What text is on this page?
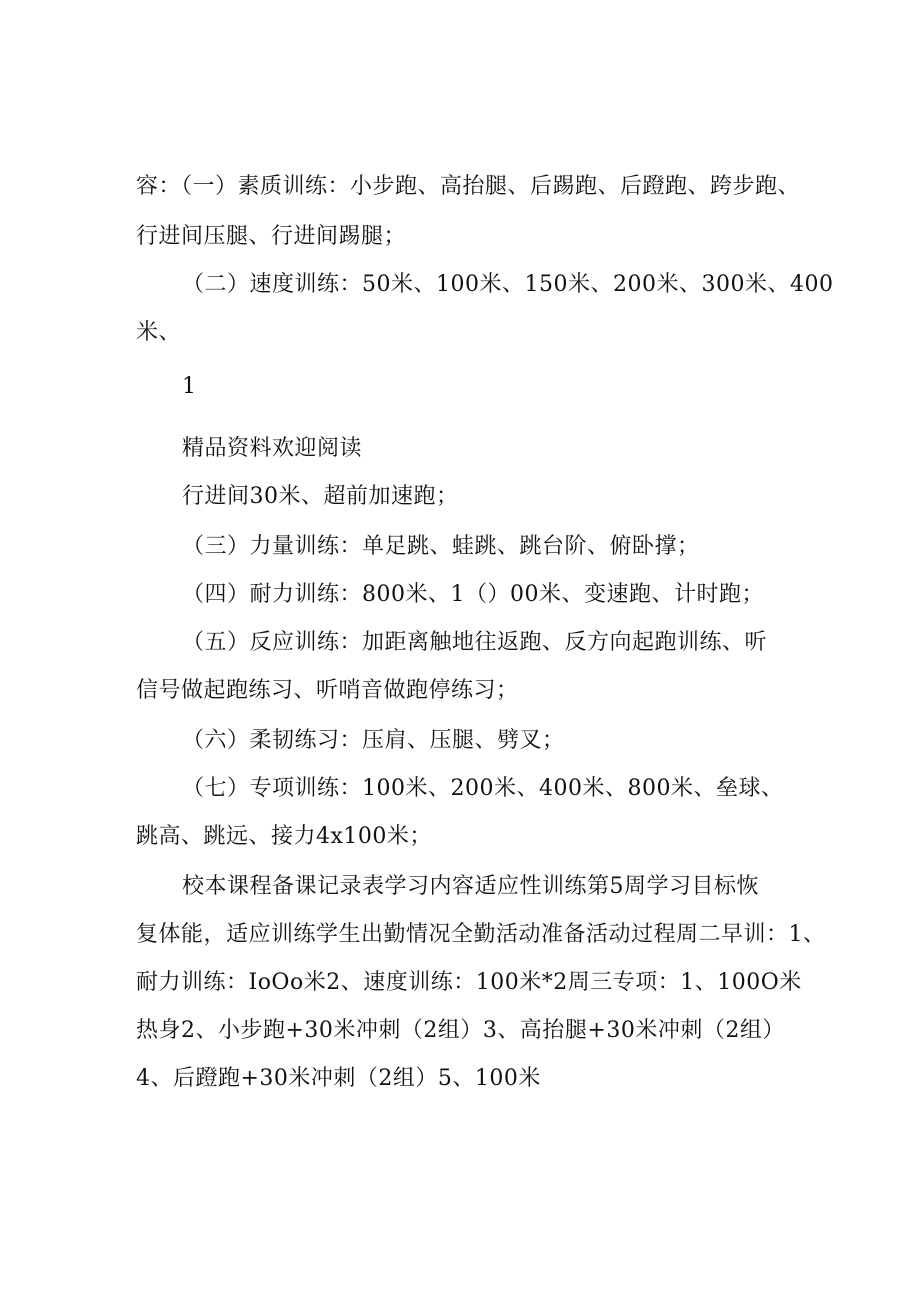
容：（一）素质训练：小步跑、高抬腿、后踢跑、后蹬跑、跨步跑、
行进间压腿、行进间踢腿；
（二）速度训练：50米、100米、150米、200米、300米、400
米、
1
精品资料欢迎阅读
行进间30米、超前加速跑；
（三）力量训练：单足跳、蛙跳、跳台阶、俯卧撑；
（四）耐力训练：800米、1（）00米、变速跑、计时跑；
（五）反应训练：加距离触地往返跑、反方向起跑训练、听
信号做起跑练习、听哨音做跑停练习；
（六）柔韧练习：压肩、压腿、劈叉；
（七）专项训练：100米、200米、400米、800米、垒球、
跳高、跳远、接力4x100米；
校本课程备课记录表学习内容适应性训练第5周学习目标恢
复体能，适应训练学生出勤情况全勤活动准备活动过程周二早训：1、
耐力训练：IoOo米2、速度训练：100米*2周三专项：1、100O米
热身2、小步跑+30米冲刺（2组）3、高抬腿+30米冲刺（2组）
4、后蹬跑+30米冲刺（2组）5、100米
